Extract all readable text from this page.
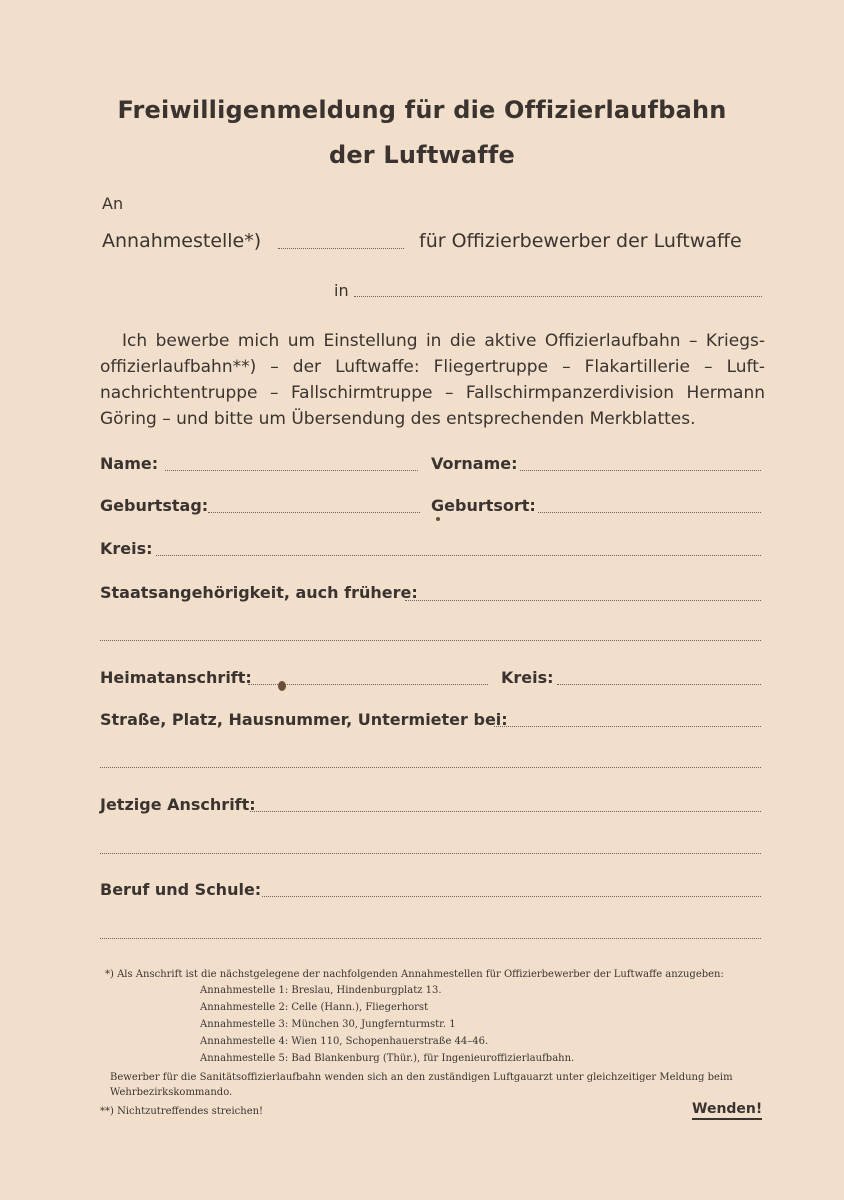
Freiwilligenmeldung für die Offizierlaufbahn
der Luftwaffe
An
Annahmestelle*)	für Offizierbewerber der Luftwaffe
in
Ich bewerbe mich um Einstellung in die aktive Offizierlaufbahn – Kriegs-
offizierlaufbahn**) – der Luftwaffe: Fliegertruppe – Flakartillerie – Luft-
nachrichtentruppe – Fallschirmtruppe – Fallschirmpanzerdivision Hermann
Göring – und bitte um Übersendung des entsprechenden Merkblattes.
Name:	Vorname:
Geburtstag:	Geburtsort:
Kreis:
Staatsangehörigkeit, auch frühere:
Heimatanschrift:	Kreis:
Straße, Platz, Hausnummer, Untermieter bei:
Jetzige Anschrift:
Beruf und Schule:
*) Als Anschrift ist die nächstgelegene der nachfolgenden Annahmestellen für Offizierbewerber der Luftwaffe anzugeben:
Annahmestelle 1: Breslau, Hindenburgplatz 13.
Annahmestelle 2: Celle (Hann.), Fliegerhorst
Annahmestelle 3: München 30, Jungfernturmstr. 1
Annahmestelle 4: Wien 110, Schopenhauerstraße 44–46.
Annahmestelle 5: Bad Blankenburg (Thür.), für Ingenieuroffizierlaufbahn.
Bewerber für die Sanitätsoffizierlaufbahn wenden sich an den zuständigen Luftgauarzt unter gleichzeitiger Meldung beim
Wehrbezirkskommando.
**) Nichtzutreffendes streichen!	Wenden!
